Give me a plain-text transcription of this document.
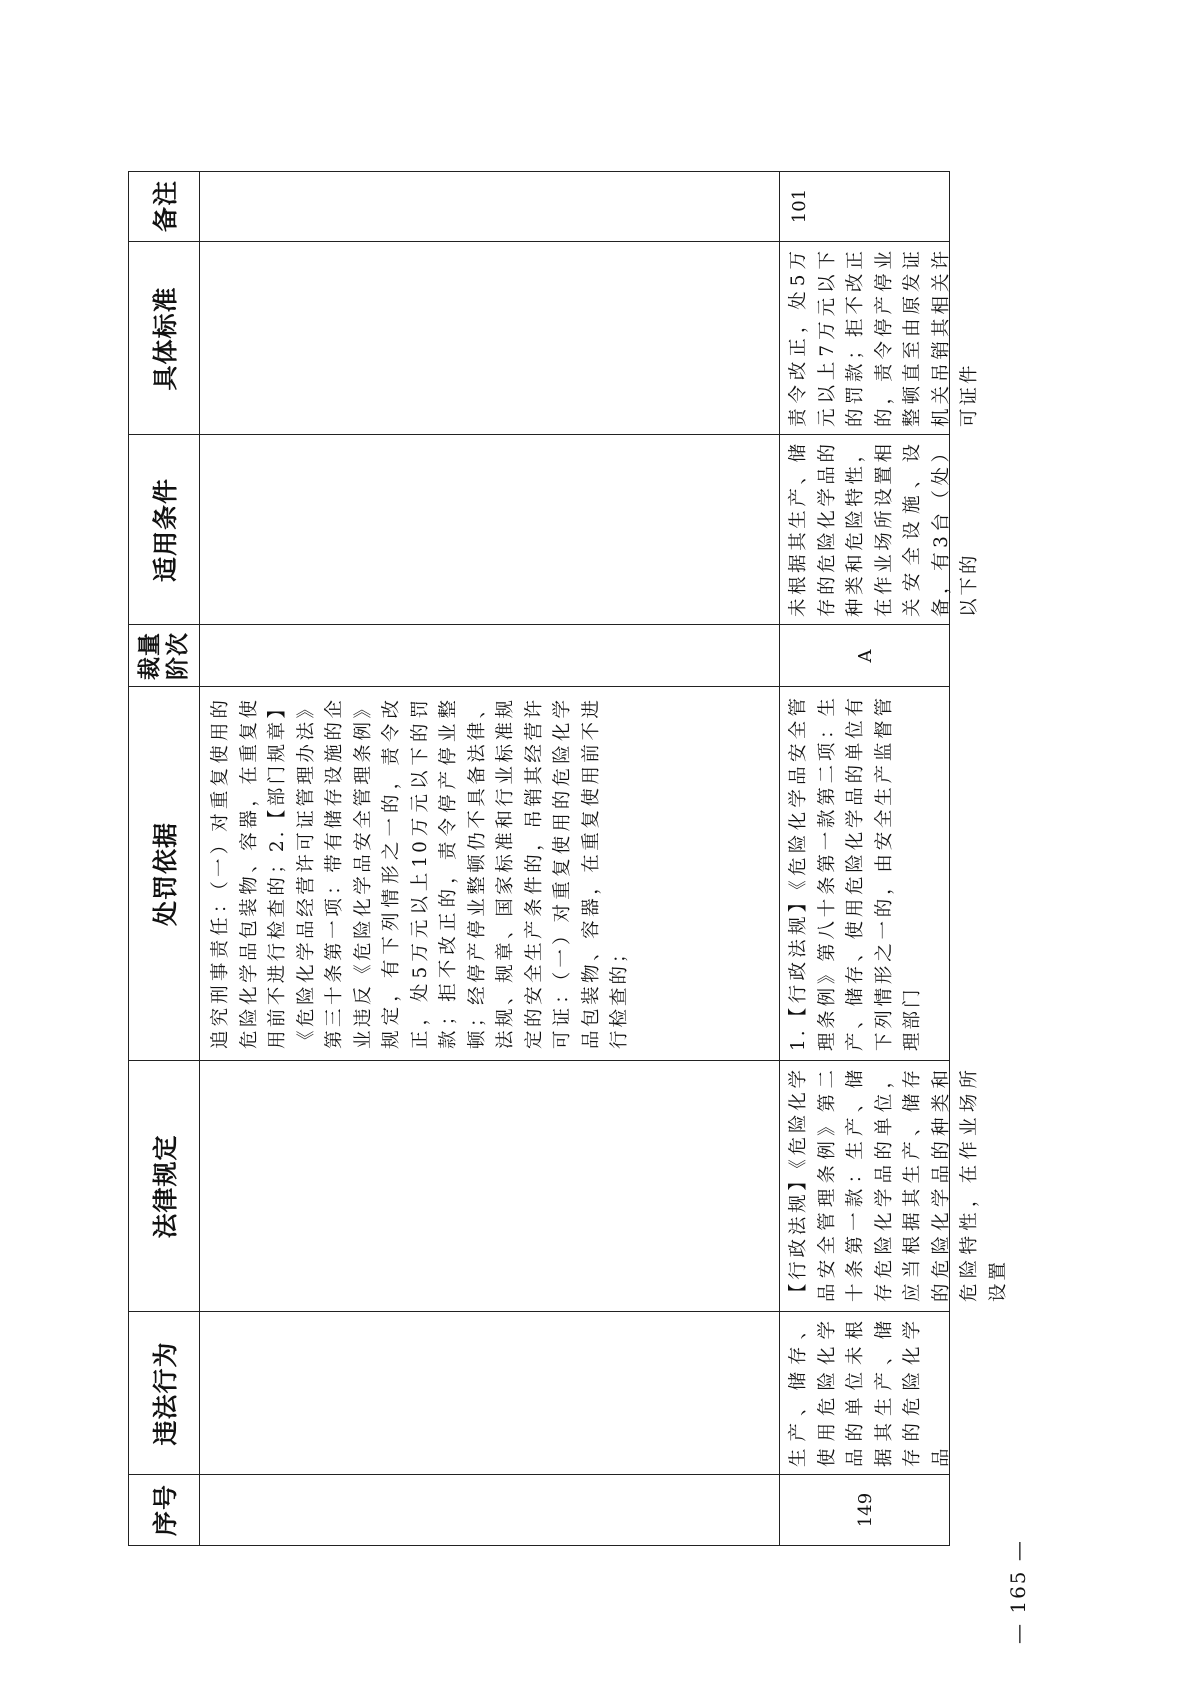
序号
违法行为
法律规定
处罚依据
裁量 阶次
适用条件
具体标准
备注
追究刑事责任：（一）对重复使用的危险化学品包装物、容器，在重复使用前不进行检查的；2.【部门规章】《危险化学品经营许可证管理办法》第三十条第一项：带有储存设施的企业违反《危险化学品安全管理条例》规定，有下列情形之一的，责令改正，处5万元以上10万元以下的罚款；拒不改正的，责令停产停业整顿；经停产停业整顿仍不具备法律、法规、规章、国家标准和行业标准规定的安全生产条件的，吊销其经营许可证：（一）对重复使用的危险化学品包装物、容器，在重复使用前不进行检查的；
149
生产、储存、使用危险化学品的单位未根据其生产、储存的危险化学品
【行政法规】《危险化学品安全管理条例》第二十条第一款：生产、储存危险化学品的单位，应当根据其生产、储存的危险化学品的种类和危险特性，在作业场所设置
1.【行政法规】《危险化学品安全管理条例》第八十条第一款第二项：生产、储存、使用危险化学品的单位有下列情形之一的，由安全生产监督管理部门
A
未根据其生产、储存的危险化学品的种类和危险特性，在作业场所设置相关安全设施、设备，有3台（处）以下的
责令改正，处5万元以上7万元以下的罚款；拒不改正的，责令停产停业整顿直至由原发证机关吊销其相关许可证件
101
— 165 —
